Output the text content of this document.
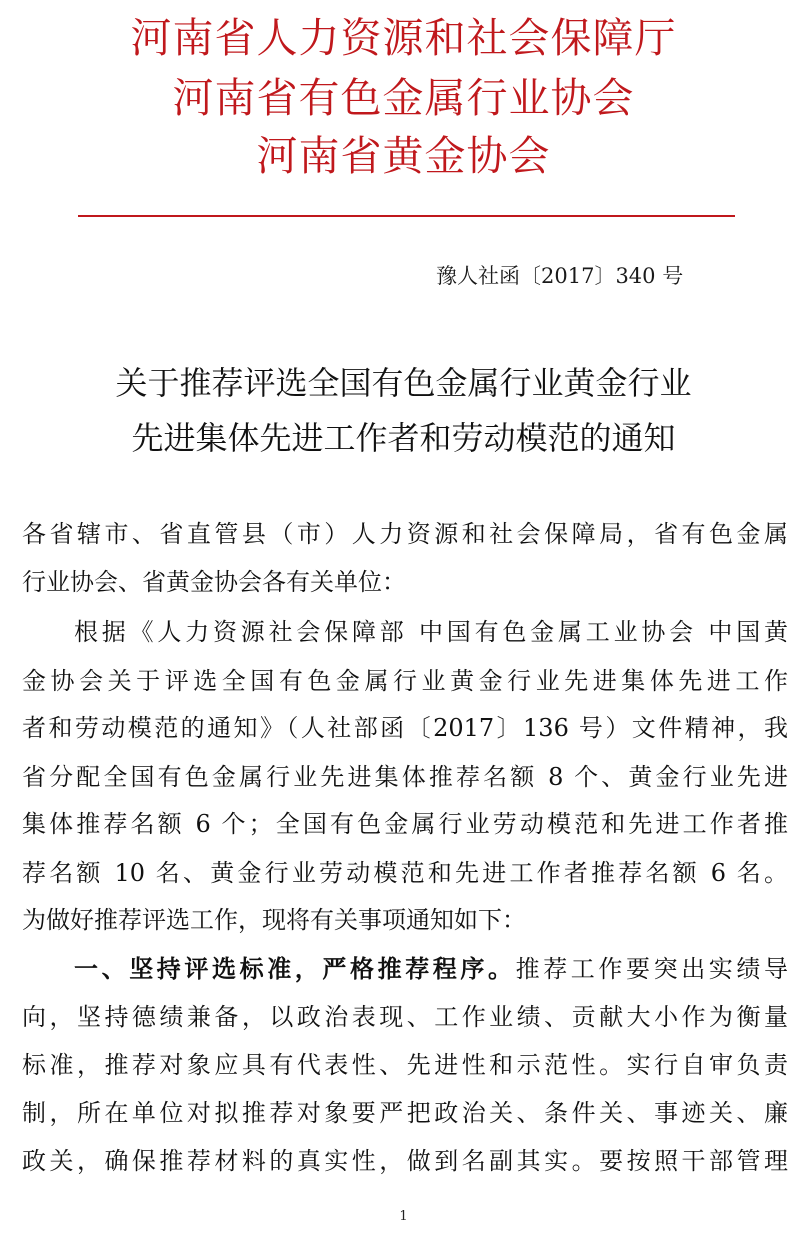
河南省人力资源和社会保障厅
河南省有色金属行业协会
河南省黄金协会
豫人社函〔2017〕340 号
关于推荐评选全国有色金属行业黄金行业
先进集体先进工作者和劳动模范的通知
各省辖市、省直管县（市）人力资源和社会保障局，省有色金属
行业协会、省黄金协会各有关单位：
根据《人力资源社会保障部 中国有色金属工业协会 中国黄
金协会关于评选全国有色金属行业黄金行业先进集体先进工作
者和劳动模范的通知》（人社部函〔2017〕136 号）文件精神，我
省分配全国有色金属行业先进集体推荐名额 8 个、黄金行业先进
集体推荐名额 6 个；全国有色金属行业劳动模范和先进工作者推
荐名额 10 名、黄金行业劳动模范和先进工作者推荐名额 6 名。
为做好推荐评选工作，现将有关事项通知如下：
一、坚持评选标准，严格推荐程序。推荐工作要突出实绩导
向，坚持德绩兼备，以政治表现、工作业绩、贡献大小作为衡量
标准，推荐对象应具有代表性、先进性和示范性。实行自审负责
制，所在单位对拟推荐对象要严把政治关、条件关、事迹关、廉
政关，确保推荐材料的真实性，做到名副其实。要按照干部管理
1
